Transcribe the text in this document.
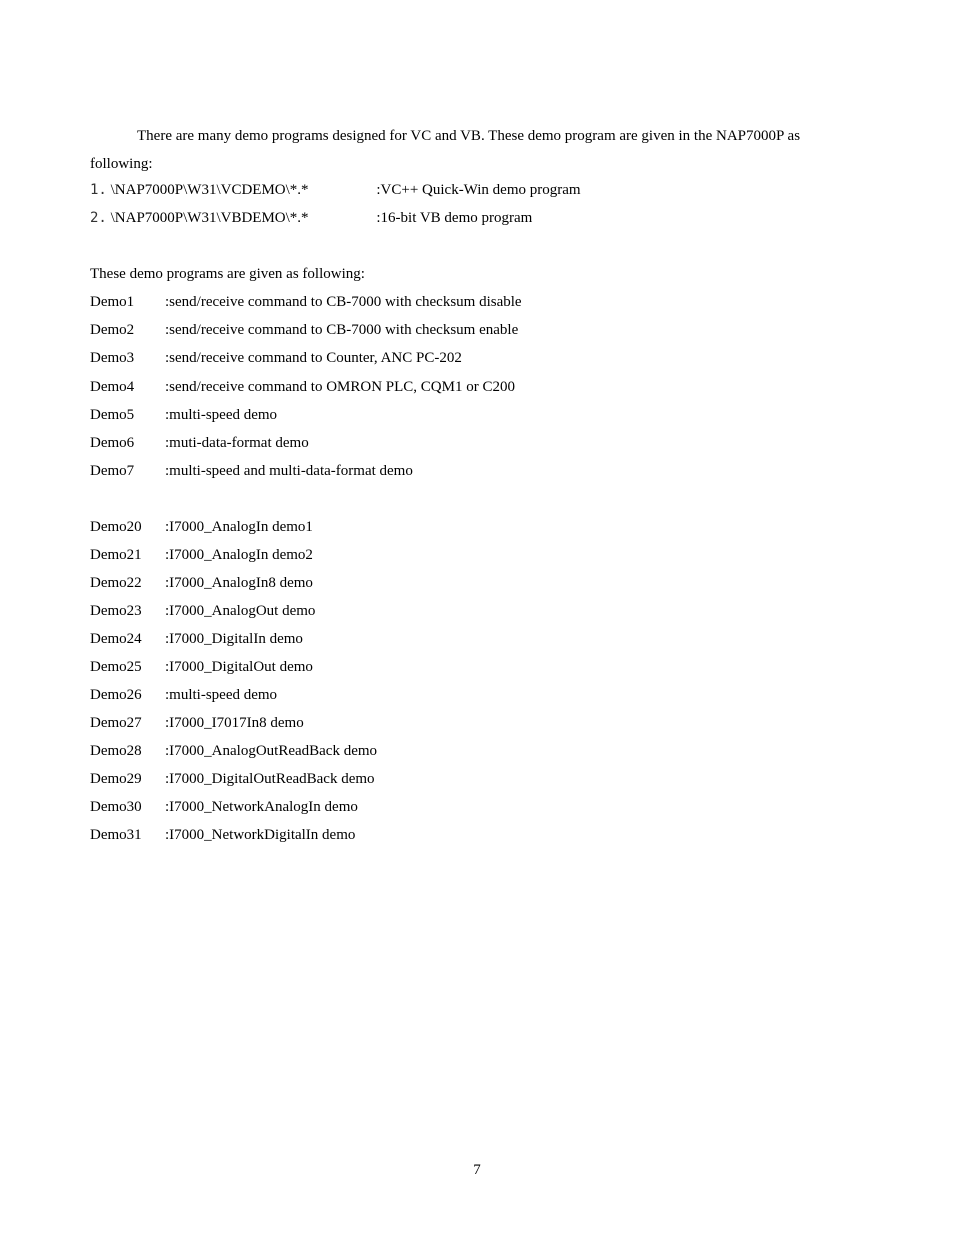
There are many demo programs designed for VC and VB. These demo program are given in the NAP7000P as following:

1. \NAP7000P\W31\VCDEMO\*.*	:VC++ Quick-Win demo program
2. \NAP7000P\W31\VBDEMO\*.*	:16-bit VB demo program
These demo programs are given as following:
Demo1 :send/receive command to CB-7000 with checksum disable
Demo2 :send/receive command to CB-7000 with checksum enable
Demo3 :send/receive command to Counter, ANC PC-202
Demo4 :send/receive command to OMRON PLC, CQM1 or C200
Demo5 :multi-speed demo
Demo6 :muti-data-format demo
Demo7 :multi-speed and multi-data-format demo
Demo20 :I7000_AnalogIn demo1
Demo21 :I7000_AnalogIn demo2
Demo22 :I7000_AnalogIn8 demo
Demo23 :I7000_AnalogOut demo
Demo24 :I7000_DigitalIn demo
Demo25 :I7000_DigitalOut demo
Demo26 :multi-speed demo
Demo27 :I7000_I7017In8 demo
Demo28 :I7000_AnalogOutReadBack demo
Demo29 :I7000_DigitalOutReadBack demo
Demo30 :I7000_NetworkAnalogIn demo
Demo31 :I7000_NetworkDigitalIn demo
7
